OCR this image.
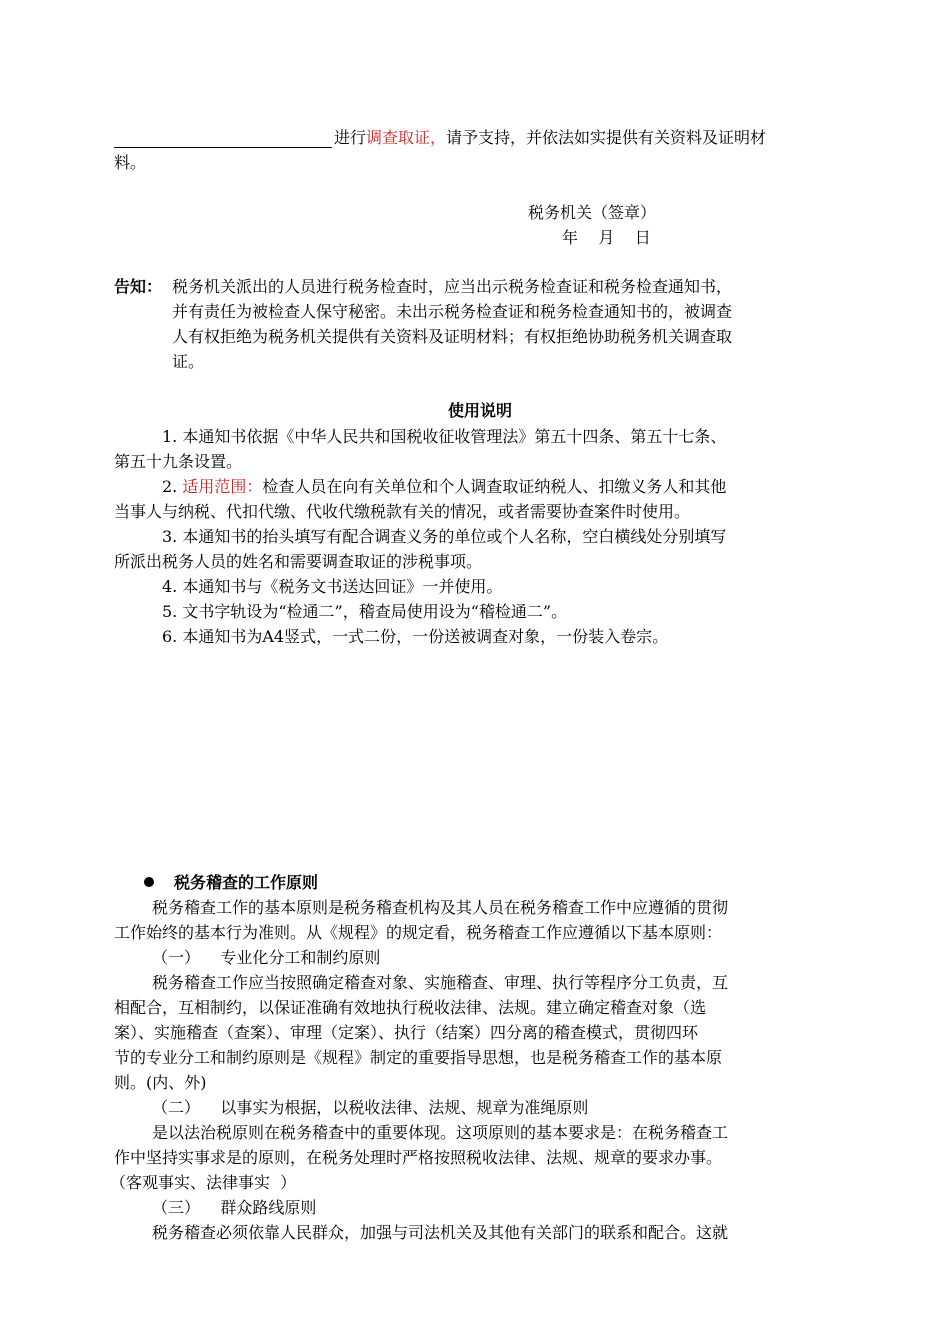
进行调查取证，请予支持，并依法如实提供有关资料及证明材
料。
税务机关（签章）
年    月    日
告知： 税务机关派出的人员进行税务检查时，应当出示税务检查证和税务检查通知书，
并有责任为被检查人保守秘密。未出示税务检查证和税务检查通知书的，被调查
人有权拒绝为税务机关提供有关资料及证明材料；有权拒绝协助税务机关调查取
证。
使用说明
1. 本通知书依据《中华人民共和国税收征收管理法》第五十四条、第五十七条、
第五十九条设置。
2. 适用范围：检查人员在向有关单位和个人调查取证纳税人、扣缴义务人和其他
当事人与纳税、代扣代缴、代收代缴税款有关的情况，或者需要协查案件时使用。
3. 本通知书的抬头填写有配合调查义务的单位或个人名称，空白横线处分别填写
所派出税务人员的姓名和需要调查取证的涉税事项。
4. 本通知书与《税务文书送达回证》一并使用。
5. 文书字轨设为“检通二”，稽查局使用设为“稽检通二”。
6. 本通知书为A4竖式，一式二份，一份送被调查对象，一份装入卷宗。
税务稽查的工作原则
税务稽查工作的基本原则是税务稽查机构及其人员在税务稽查工作中应遵循的贯彻
工作始终的基本行为准则。从《规程》的规定看，税务稽查工作应遵循以下基本原则：
（一）    专业化分工和制约原则
税务稽查工作应当按照确定稽查对象、实施稽查、审理、执行等程序分工负责，互
相配合，互相制约，以保证准确有效地执行税收法律、法规。建立确定稽查对象（选
案）、实施稽查（查案）、审理（定案）、执行（结案）四分离的稽查模式，贯彻四环
节的专业分工和制约原则是《规程》制定的重要指导思想，也是税务稽查工作的基本原
则。(内、外)
（二）    以事实为根据，以税收法律、法规、规章为准绳原则
是以法治税原则在税务稽查中的重要体现。这项原则的基本要求是：在税务稽查工
作中坚持实事求是的原则，在税务处理时严格按照税收法律、法规、规章的要求办事。
（客观事实、法律事实  ）
（三）    群众路线原则
税务稽查必须依靠人民群众，加强与司法机关及其他有关部门的联系和配合。这就
